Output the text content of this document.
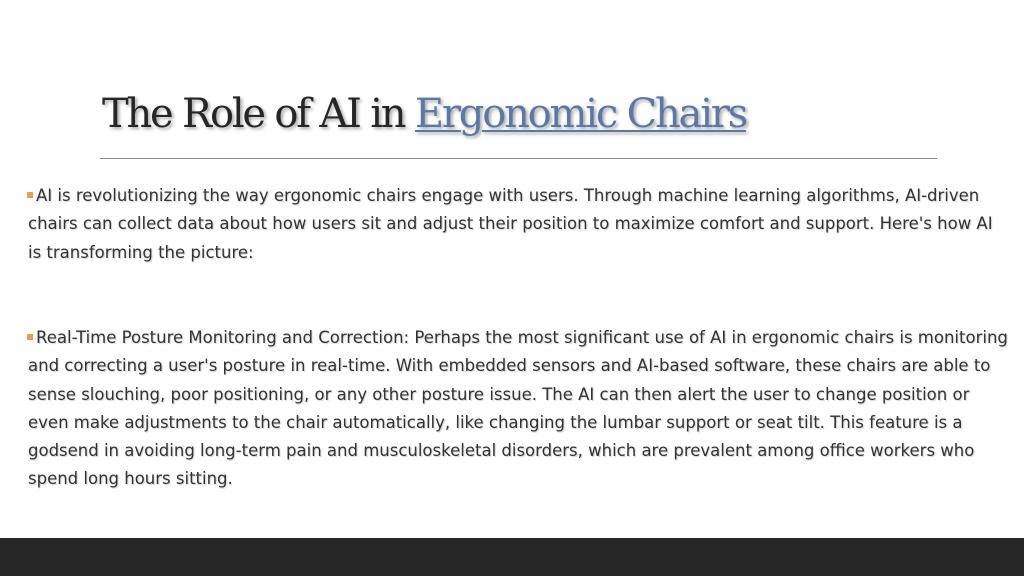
The Role of AI in Ergonomic Chairs
AI is revolutionizing the way ergonomic chairs engage with users. Through machine learning algorithms, AI-driven chairs can collect data about how users sit and adjust their position to maximize comfort and support. Here's how AI is transforming the picture:
Real-Time Posture Monitoring and Correction: Perhaps the most significant use of AI in ergonomic chairs is monitoring and correcting a user's posture in real-time. With embedded sensors and AI-based software, these chairs are able to sense slouching, poor positioning, or any other posture issue. The AI can then alert the user to change position or even make adjustments to the chair automatically, like changing the lumbar support or seat tilt. This feature is a godsend in avoiding long-term pain and musculoskeletal disorders, which are prevalent among office workers who spend long hours sitting.
